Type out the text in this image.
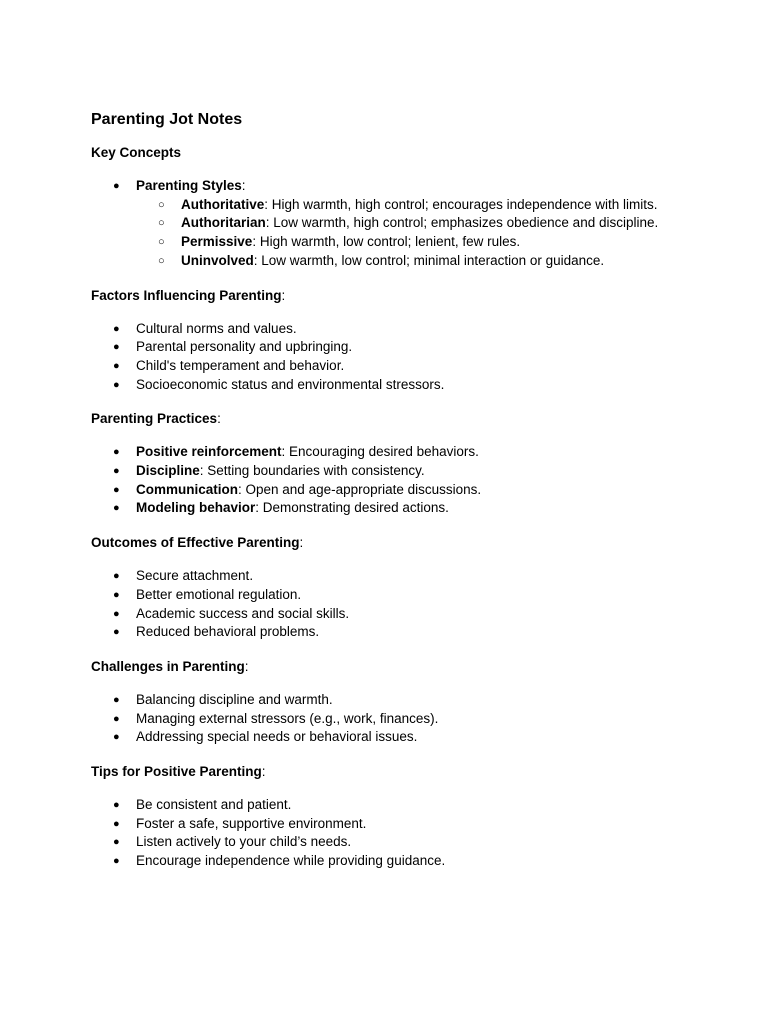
Parenting Jot Notes
Key Concepts
● Parenting Styles:
○ Authoritative: High warmth, high control; encourages independence with limits.
○ Authoritarian: Low warmth, high control; emphasizes obedience and discipline.
○ Permissive: High warmth, low control; lenient, few rules.
○ Uninvolved: Low warmth, low control; minimal interaction or guidance.
Factors Influencing Parenting:
● Cultural norms and values.
● Parental personality and upbringing.
● Child's temperament and behavior.
● Socioeconomic status and environmental stressors.
Parenting Practices:
● Positive reinforcement: Encouraging desired behaviors.
● Discipline: Setting boundaries with consistency.
● Communication: Open and age-appropriate discussions.
● Modeling behavior: Demonstrating desired actions.
Outcomes of Effective Parenting:
● Secure attachment.
● Better emotional regulation.
● Academic success and social skills.
● Reduced behavioral problems.
Challenges in Parenting:
● Balancing discipline and warmth.
● Managing external stressors (e.g., work, finances).
● Addressing special needs or behavioral issues.
Tips for Positive Parenting:
● Be consistent and patient.
● Foster a safe, supportive environment.
● Listen actively to your child’s needs.
● Encourage independence while providing guidance.
